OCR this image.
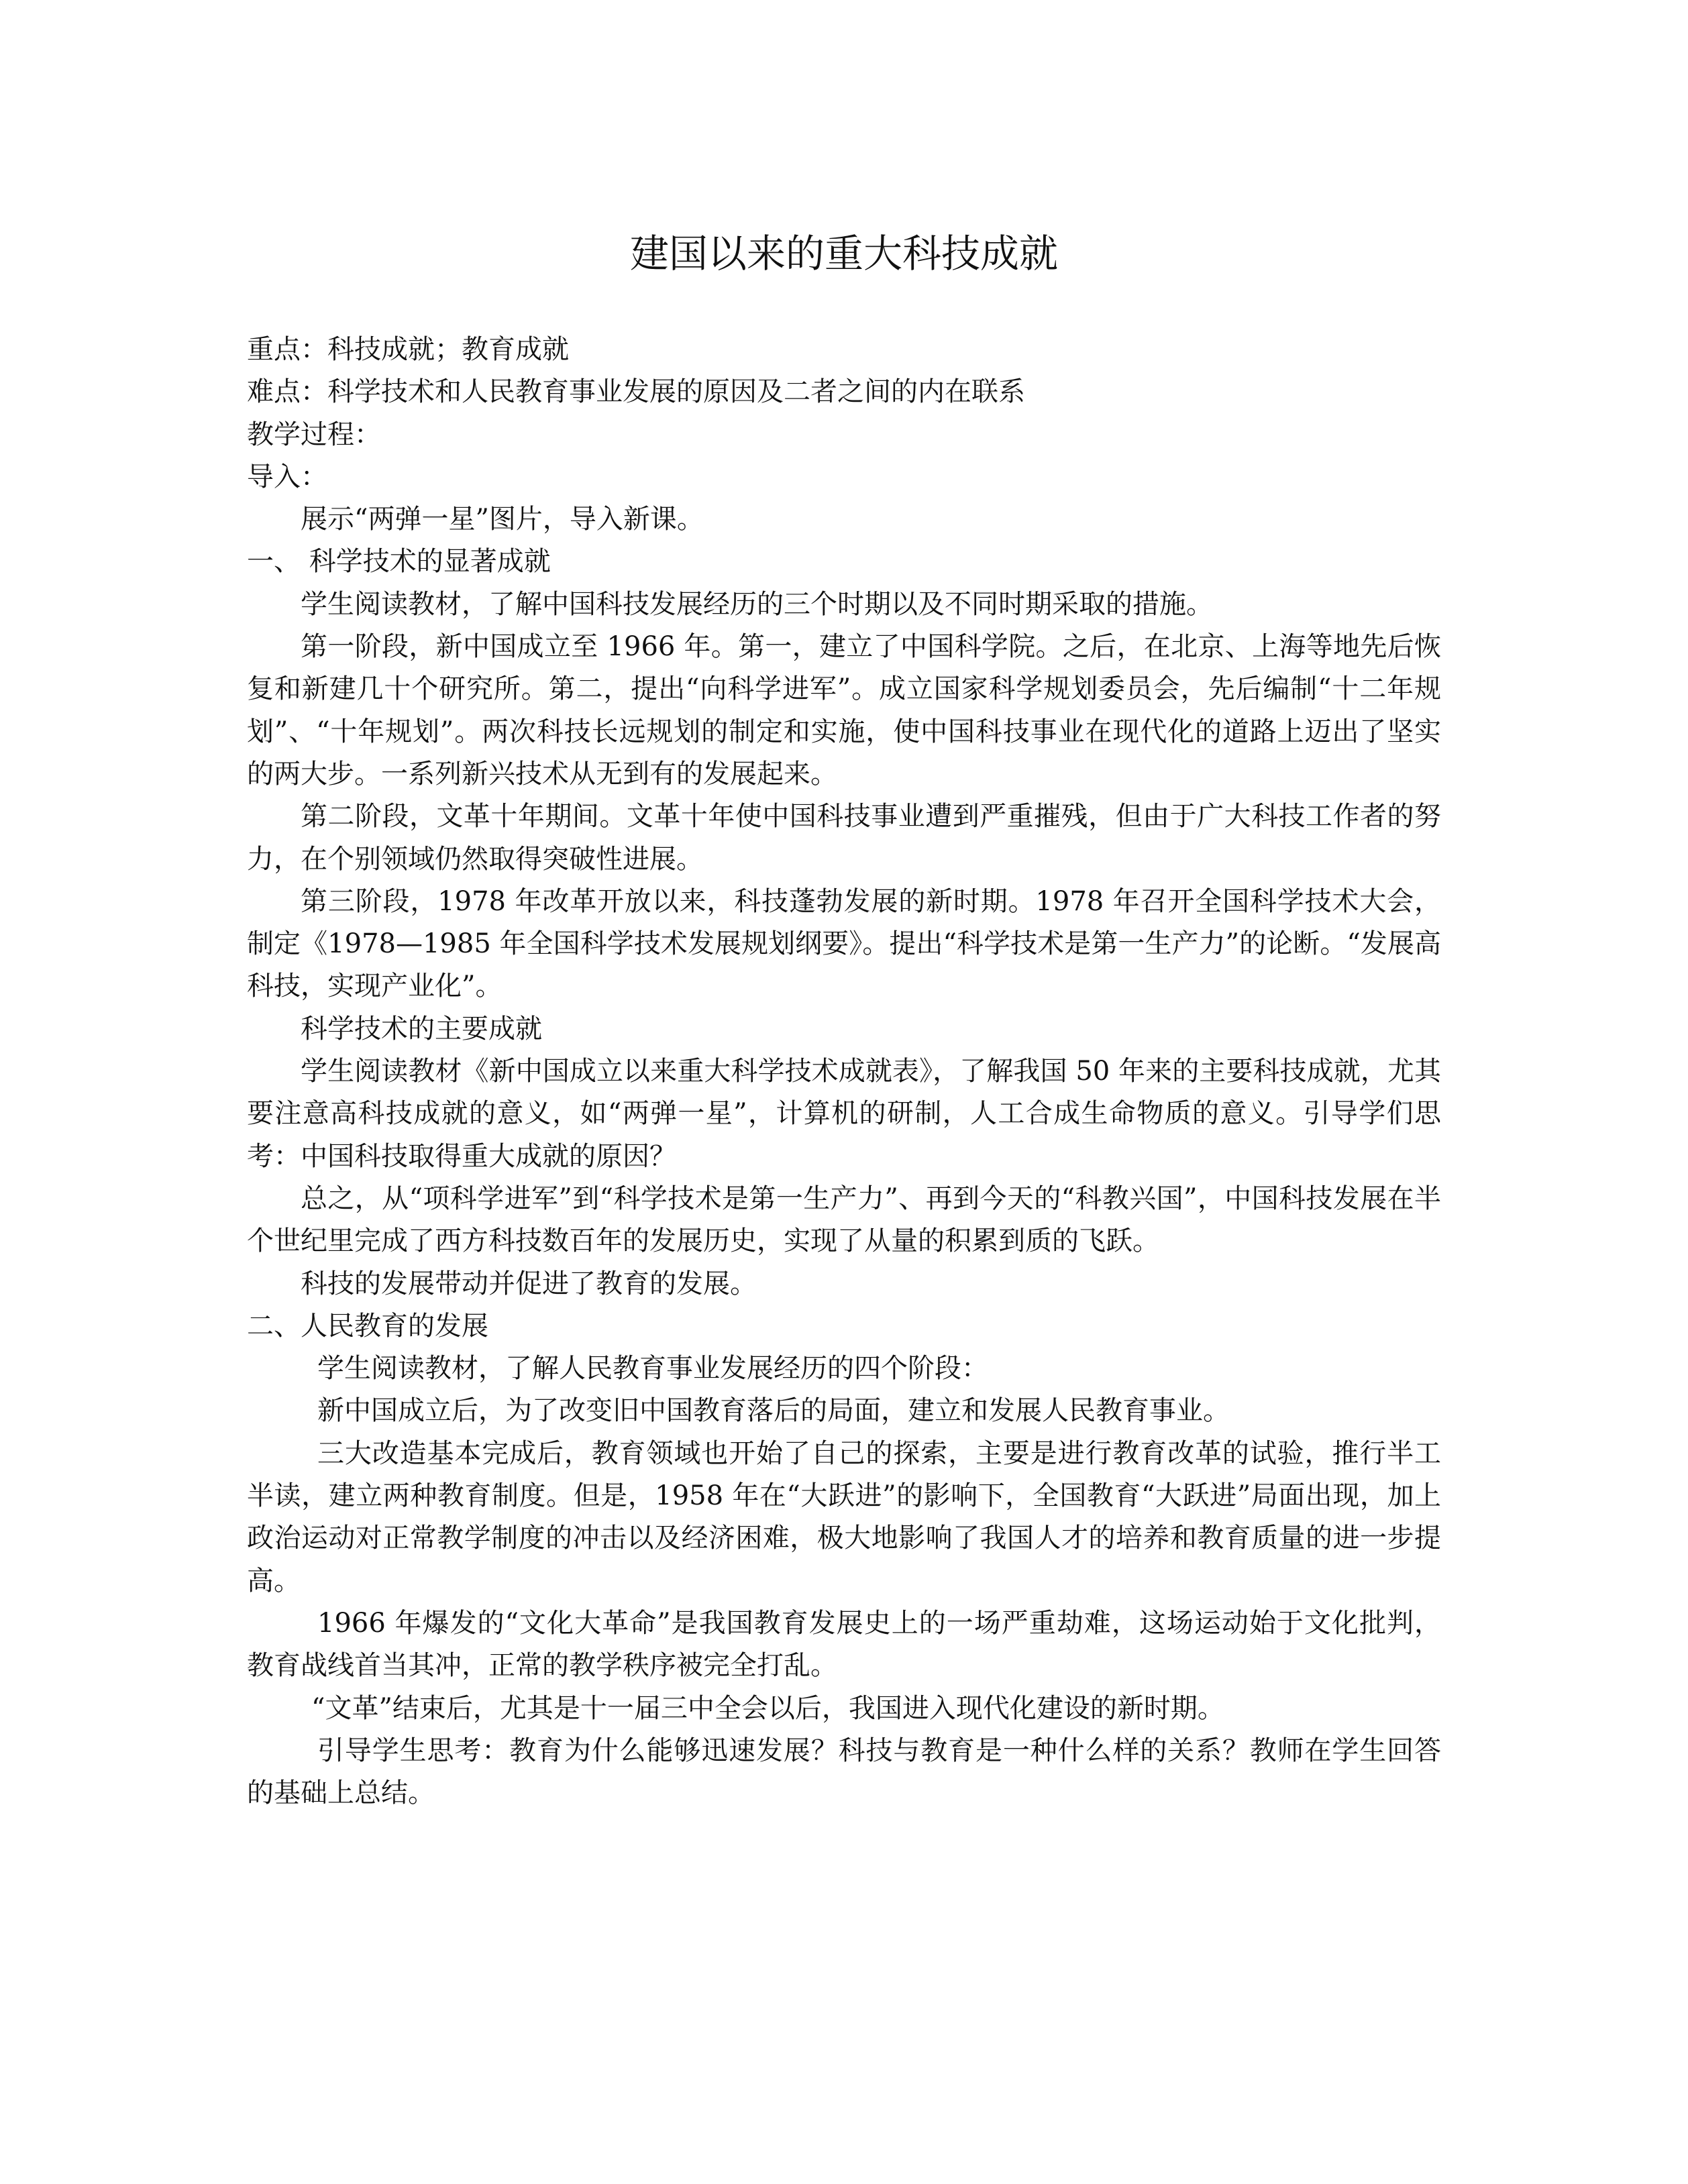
建国以来的重大科技成就

重点：科技成就；教育成就

难点：科学技术和人民教育事业发展的原因及二者之间的内在联系

教学过程：

导入：

展示“两弹一星”图片，导入新课。

一、 科学技术的显著成就

学生阅读教材，了解中国科技发展经历的三个时期以及不同时期采取的措施。

第一阶段，新中国成立至 1966 年。第一，建立了中国科学院。之后，在北京、上海等地先后恢复和新建几十个研究所。第二，提出“向科学进军”。成立国家科学规划委员会，先后编制“十二年规划”、“十年规划”。两次科技长远规划的制定和实施，使中国科技事业在现代化的道路上迈出了坚实的两大步。一系列新兴技术从无到有的发展起来。

第二阶段，文革十年期间。文革十年使中国科技事业遭到严重摧残，但由于广大科技工作者的努力，在个别领域仍然取得突破性进展。

第三阶段，1978 年改革开放以来，科技蓬勃发展的新时期。1978 年召开全国科学技术大会，制定《1978—1985 年全国科学技术发展规划纲要》。提出“科学技术是第一生产力”的论断。“发展高科技，实现产业化”。

科学技术的主要成就

学生阅读教材《新中国成立以来重大科学技术成就表》，了解我国 50 年来的主要科技成就，尤其要注意高科技成就的意义，如“两弹一星”，计算机的研制，人工合成生命物质的意义。引导学们思考：中国科技取得重大成就的原因？

总之，从“项科学进军”到“科学技术是第一生产力”、再到今天的“科教兴国”，中国科技发展在半个世纪里完成了西方科技数百年的发展历史，实现了从量的积累到质的飞跃。

科技的发展带动并促进了教育的发展。

二、人民教育的发展

学生阅读教材，了解人民教育事业发展经历的四个阶段：

新中国成立后，为了改变旧中国教育落后的局面，建立和发展人民教育事业。

三大改造基本完成后，教育领域也开始了自己的探索，主要是进行教育改革的试验，推行半工半读，建立两种教育制度。但是，1958 年在“大跃进”的影响下，全国教育“大跃进”局面出现，加上政治运动对正常教学制度的冲击以及经济困难，极大地影响了我国人才的培养和教育质量的进一步提高。

1966 年爆发的“文化大革命”是我国教育发展史上的一场严重劫难，这场运动始于文化批判，教育战线首当其冲，正常的教学秩序被完全打乱。

“文革”结束后，尤其是十一届三中全会以后，我国进入现代化建设的新时期。

引导学生思考：教育为什么能够迅速发展？科技与教育是一种什么样的关系？教师在学生回答的基础上总结。
